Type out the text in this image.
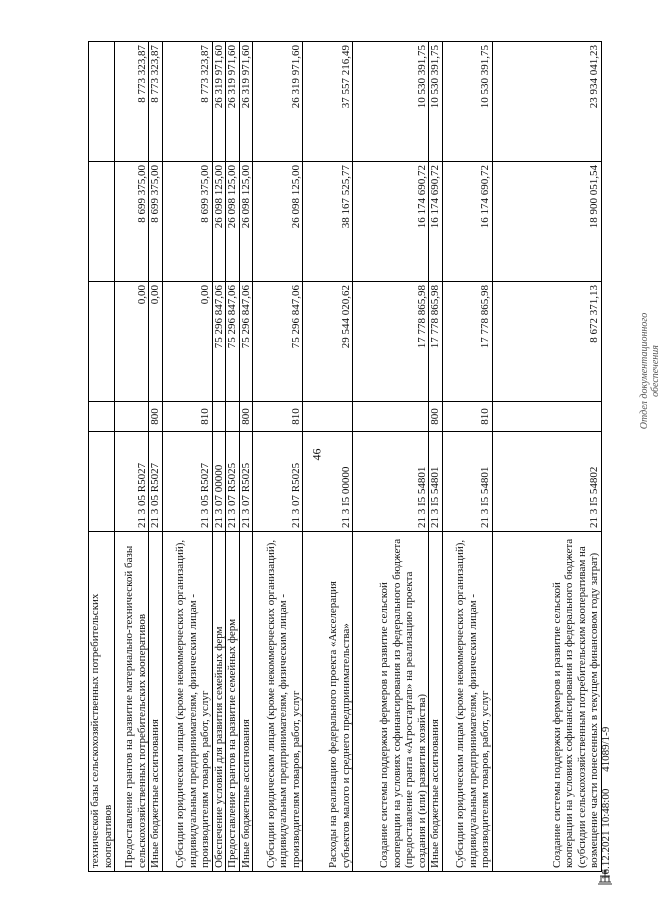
46
Отдел документационного обеспечения
16.12.2021 10:48:00 41089/1-9
технической базы сельскохозяйственных потребительских кооперативов					
Предоставление грантов на развитие материально-технической базы сельскохозяйственных потребительских кооперативов	21 3 05 R5027		0,00	8 699 375,00	8 773 323,87
Иные бюджетные ассигнования	21 3 05 R5027	800	0,00	8 699 375,00	8 773 323,87
Субсидии юридическим лицам (кроме некоммерческих организаций), индивидуальным предпринимателям, физическим лицам - производителям товаров, работ, услуг	21 3 05 R5027	810	0,00	8 699 375,00	8 773 323,87
Обеспечение условий для развития семейных ферм	21 3 07 00000		75 296 847,06	26 098 125,00	26 319 971,60
Предоставление грантов на развитие семейных ферм	21 3 07 R5025		75 296 847,06	26 098 125,00	26 319 971,60
Иные бюджетные ассигнования	21 3 07 R5025	800	75 296 847,06	26 098 125,00	26 319 971,60
Субсидии юридическим лицам (кроме некоммерческих организаций), индивидуальным предпринимателям, физическим лицам - производителям товаров, работ, услуг	21 3 07 R5025	810	75 296 847,06	26 098 125,00	26 319 971,60
Расходы на реализацию федерального проекта «Акселерация субъектов малого и среднего предпринимательства»	21 3 I5 00000		29 544 020,62	38 167 525,77	37 557 216,49
Создание системы поддержки фермеров и развитие сельской кооперации на условиях софинансирования из федерального бюджета (предоставление гранта «Агростартап» на реализацию проекта создания и (или) развития хозяйства)	21 3 I5 54801		17 778 865,98	16 174 690,72	10 530 391,75
Иные бюджетные ассигнования	21 3 I5 54801	800	17 778 865,98	16 174 690,72	10 530 391,75
Субсидии юридическим лицам (кроме некоммерческих организаций), индивидуальным предпринимателям, физическим лицам - производителям товаров, работ, услуг	21 3 I5 54801	810	17 778 865,98	16 174 690,72	10 530 391,75
Создание системы поддержки фермеров и развитие сельской кооперации на условиях софинансирования из федерального бюджета (субсидии сельскохозяйственным потребительским кооперативам на возмещение части понесенных в текущем финансовом году затрат)	21 3 I5 54802		8 672 371,13	18 900 051,54	23 934 041,23
